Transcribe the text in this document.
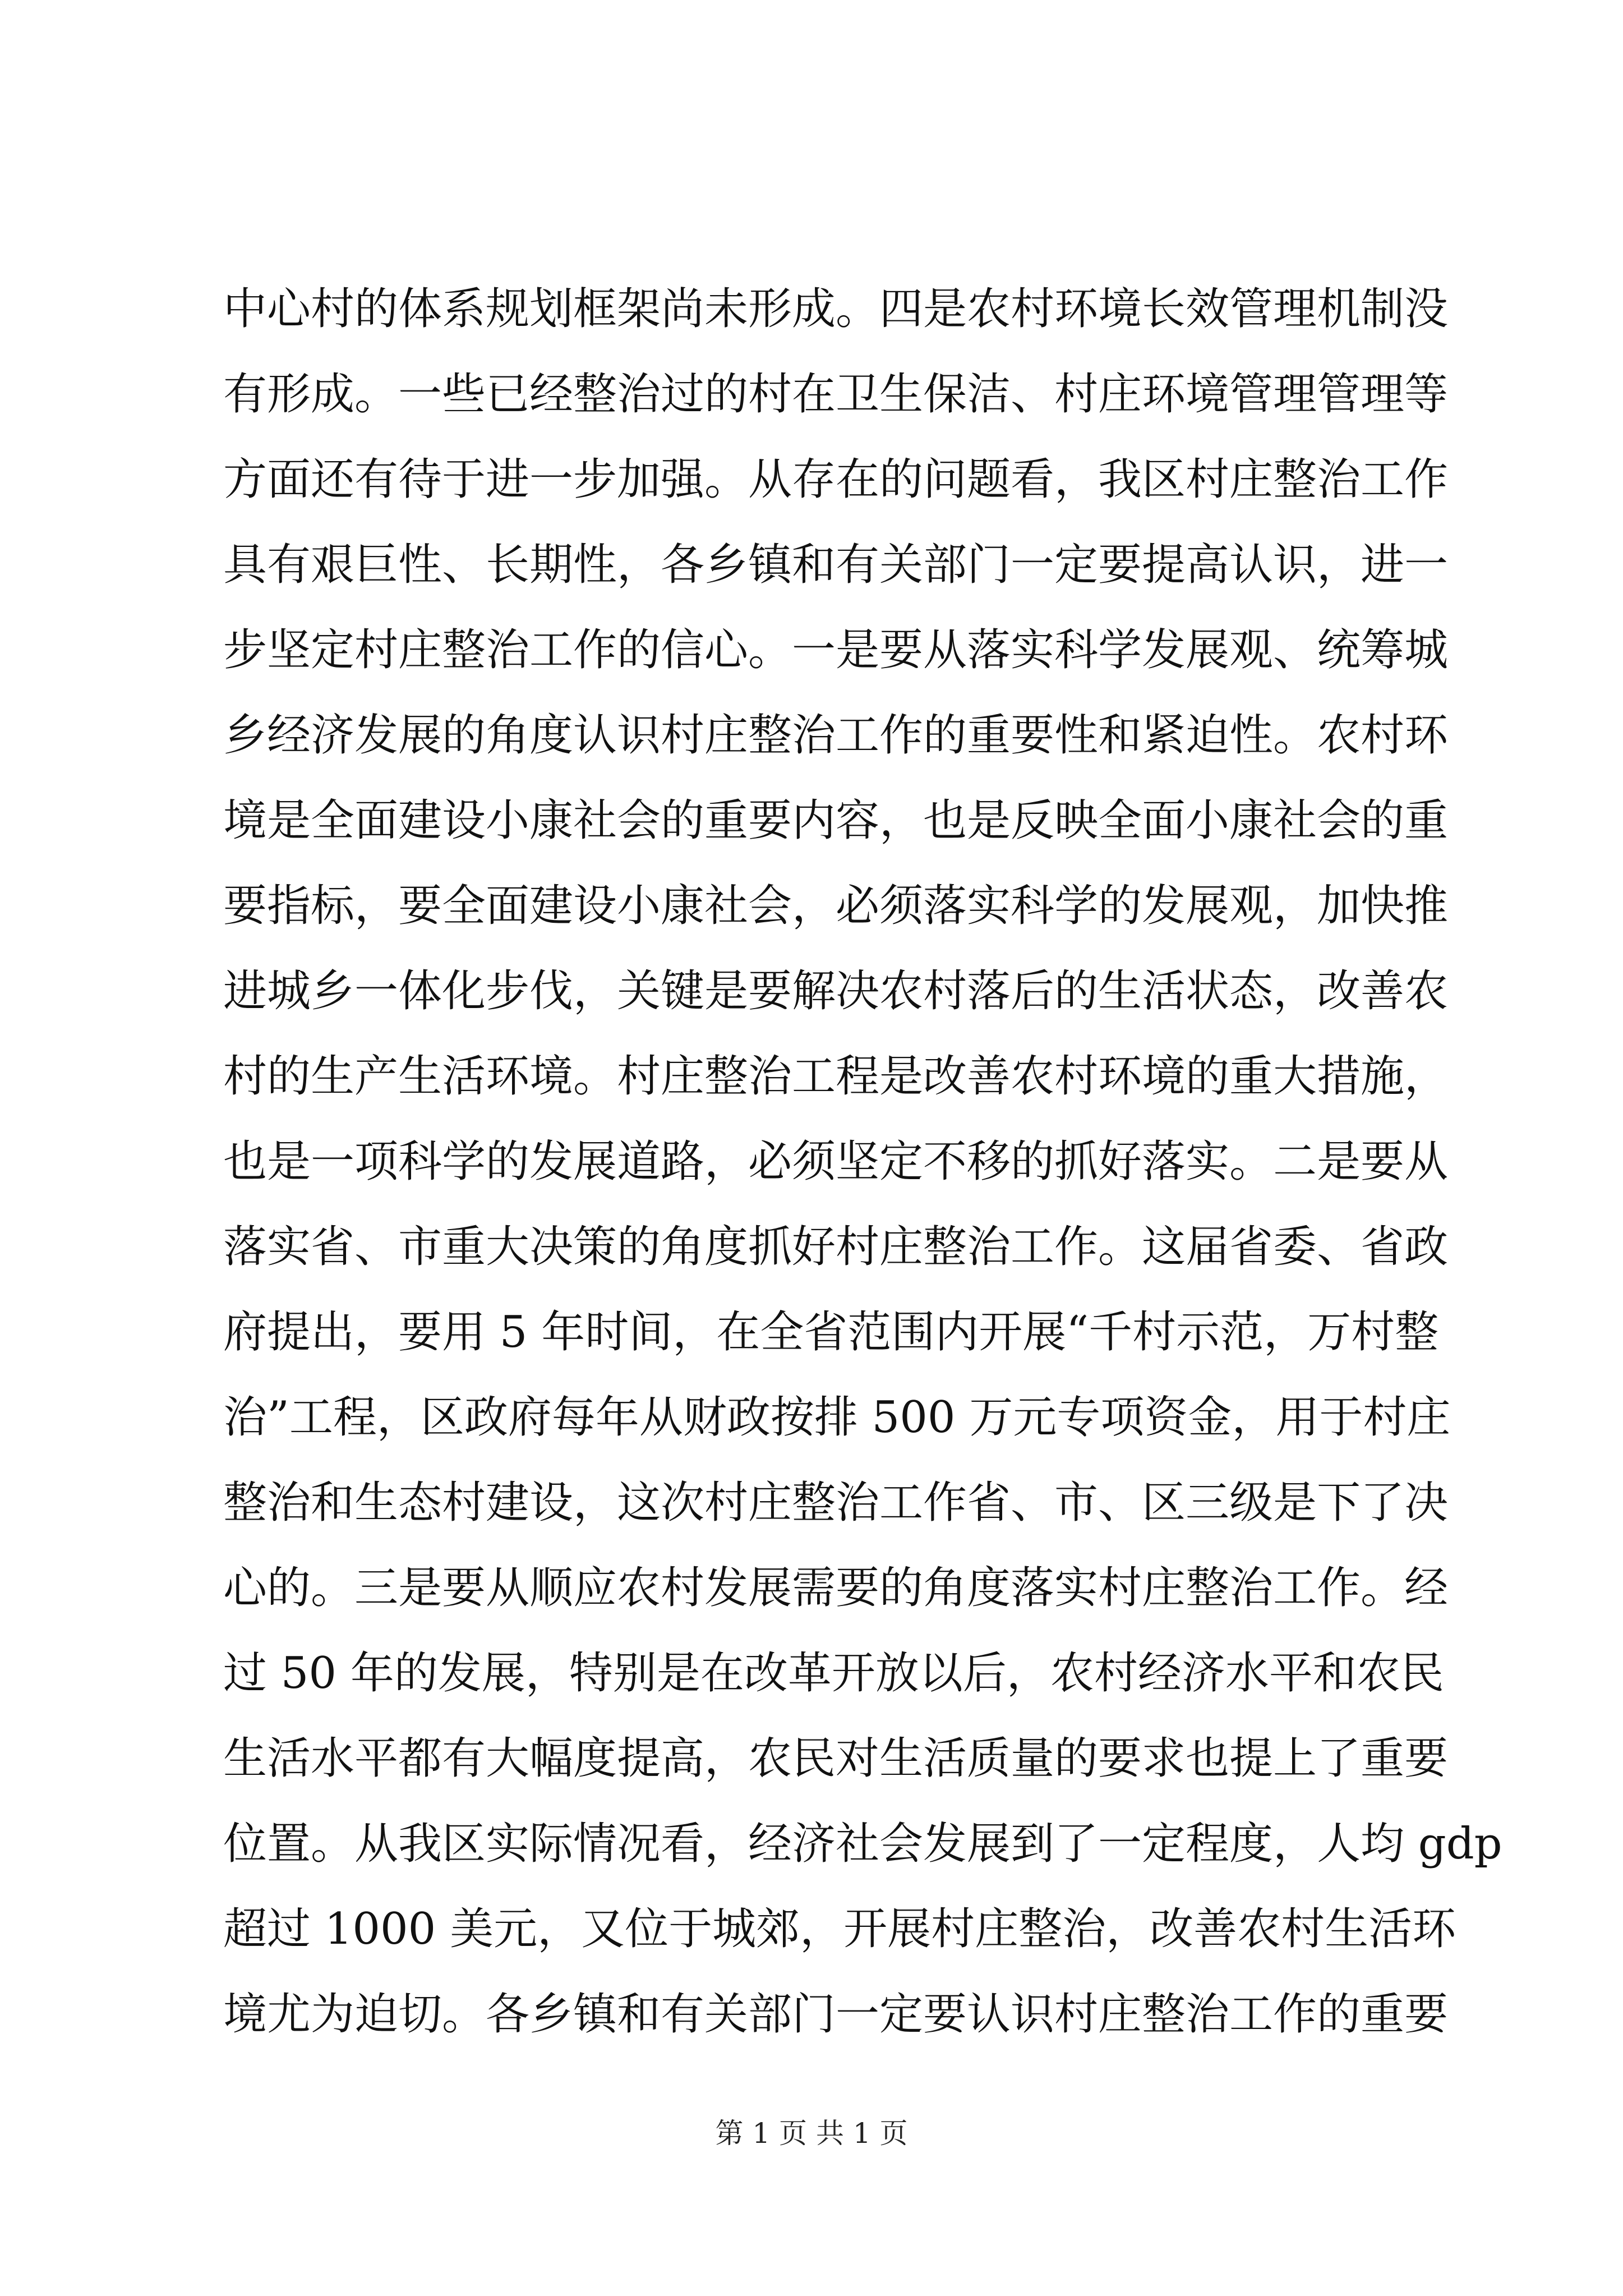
中心村的体系规划框架尚未形成。四是农村环境长效管理机制没
有形成。一些已经整治过的村在卫生保洁、村庄环境管理管理等
方面还有待于进一步加强。从存在的问题看，我区村庄整治工作
具有艰巨性、长期性，各乡镇和有关部门一定要提高认识，进一
步坚定村庄整治工作的信心。一是要从落实科学发展观、统筹城
乡经济发展的角度认识村庄整治工作的重要性和紧迫性。农村环
境是全面建设小康社会的重要内容，也是反映全面小康社会的重
要指标，要全面建设小康社会，必须落实科学的发展观，加快推
进城乡一体化步伐，关键是要解决农村落后的生活状态，改善农
村的生产生活环境。村庄整治工程是改善农村环境的重大措施，
也是一项科学的发展道路，必须坚定不移的抓好落实。二是要从
落实省、市重大决策的角度抓好村庄整治工作。这届省委、省政
府提出，要用 5 年时间，在全省范围内开展“千村示范，万村整
治”工程，区政府每年从财政按排 500 万元专项资金，用于村庄
整治和生态村建设，这次村庄整治工作省、市、区三级是下了决
心的。三是要从顺应农村发展需要的角度落实村庄整治工作。经
过 50 年的发展，特别是在改革开放以后，农村经济水平和农民
生活水平都有大幅度提高，农民对生活质量的要求也提上了重要
位置。从我区实际情况看，经济社会发展到了一定程度，人均 gdp
超过 1000 美元，又位于城郊，开展村庄整治，改善农村生活环
境尤为迫切。各乡镇和有关部门一定要认识村庄整治工作的重要
第 1 页 共 1 页
